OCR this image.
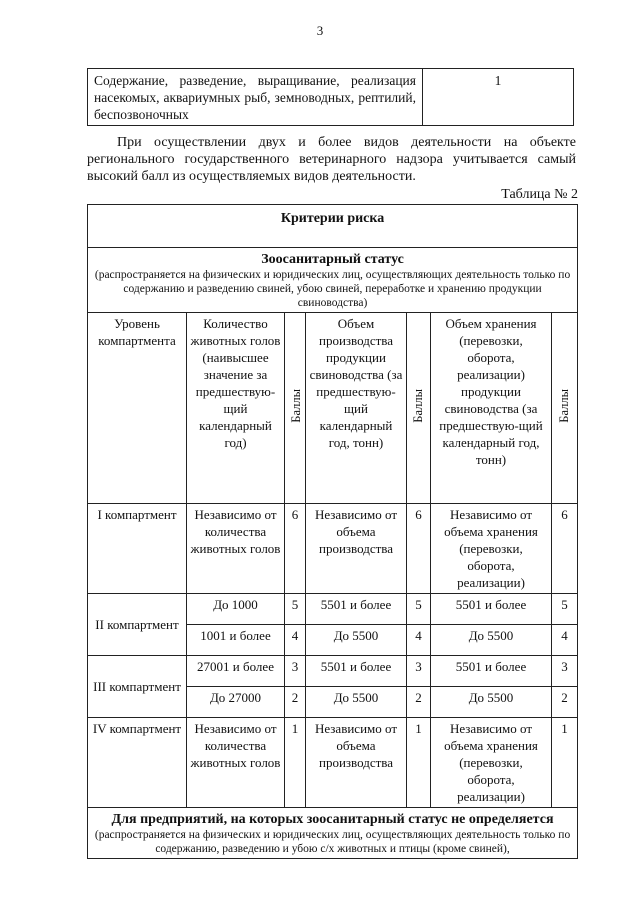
3
Содержание, разведение, выращивание, реализация насекомых, аквариумных рыб, земноводных, рептилий, беспозвоночных	1

При осуществлении двух и более видов деятельности на объекте регионального государственного ветеринарного надзора учитывается самый высокий балл из осуществляемых видов деятельности.

Таблица № 2
Критерии риска						

Зоосанитарный статус
(распространяется на физических и юридических лиц, осуществляющих деятельность только по содержанию и разведению свиней, убою свиней, переработке и хранению продукции свиноводства)						

Уровень компартмента	Количество животных голов (наивысшее значение за предшествую-щий календарный год)	Баллы	Объем производства продукции свиноводства (за предшествую-щий календарный год, тонн)	Баллы	Объем хранения (перевозки, оборота, реализации) продукции свиноводства (за предшествую-щий календарный год, тонн)	Баллы
I компартмент	Независимо от количества животных голов	6	Независимо от объема производства	6	Независимо от объема хранения (перевозки, оборота, реализации)	6
II компартмент	До 1000	5	5501 и более	5	5501 и более	5
	1001 и более	4	До 5500	4	До 5500	4
III компартмент	27001 и более	3	5501 и более	3	5501 и более	3
	До 27000	2	До 5500	2	До 5500	2
IV компартмент	Независимо от количества животных голов	1	Независимо от объема производства	1	Независимо от объема хранения (перевозки, оборота, реализации)	1

Для предприятий, на которых зоосанитарный статус не определяется
(распространяется на физических и юридических лиц, осуществляющих деятельность только по содержанию, разведению и убою с/х животных и птицы (кроме свиней),						
